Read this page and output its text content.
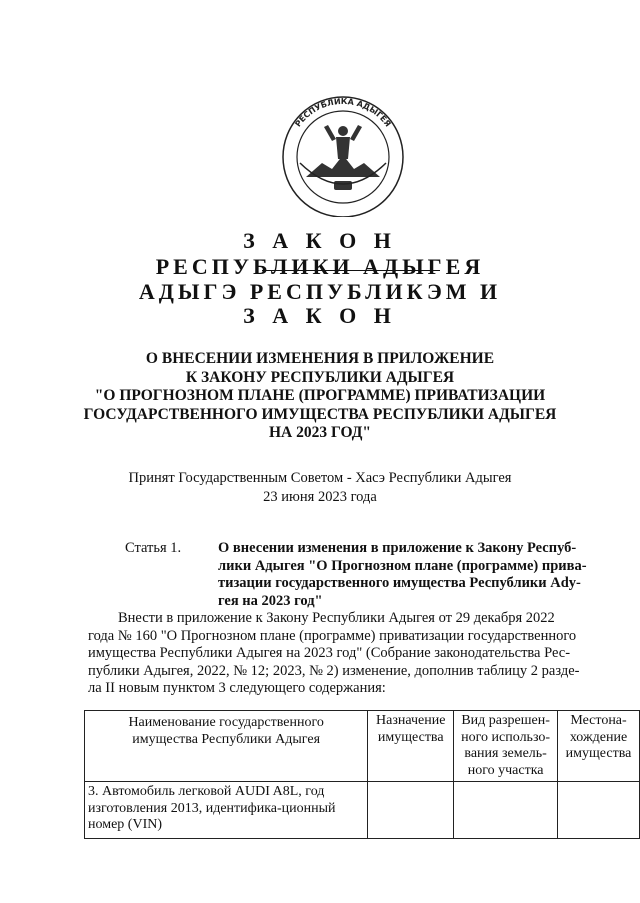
РЕСПУБЛИКА АДЫГЕЯ
З А К О Н
РЕСПУБЛИКИ АДЫГЕЯ
АДЫГЭ РЕСПУБЛИКЭМ И
З А К О Н
О ВНЕСЕНИИ ИЗМЕНЕНИЯ В ПРИЛОЖЕНИЕ
К ЗАКОНУ РЕСПУБЛИКИ АДЫГЕЯ
"О ПРОГНОЗНОМ ПЛАНЕ (ПРОГРАММЕ) ПРИВАТИЗАЦИИ
ГОСУДАРСТВЕННОГО ИМУЩЕСТВА РЕСПУБЛИКИ АДЫГЕЯ
НА 2023 ГОД"
Принят Государственным Советом - Хасэ Республики Адыгея
23 июня 2023 года
Статья 1.	О внесении изменения в приложение к Закону Респуб-
лики Адыгея "О Прогнозном плане (программе) прива-
тизации государственного имущества Республики Ady-
гея на 2023 год"
Внести в приложение к Закону Республики Адыгея от 29 декабря 2022
года № 160 "О Прогнозном плане (программе) приватизации государственного
имущества Республики Адыгея на 2023 год" (Собрание законодательства Рес-
публики Адыгея, 2022, № 12; 2023, № 2) изменение, дополнив таблицу 2 разде-
ла II новым пунктом 3 следующего содержания:
Наименование государственного имущества Республики Адыгея	Назначение имущества	Вид разрешен-ного использо-вания земель-ного участка	Местона-хождение имущества
3. Автомобиль легковой AUDI A8L, год изготовления 2013, идентифика-ционный номер (VIN)			
